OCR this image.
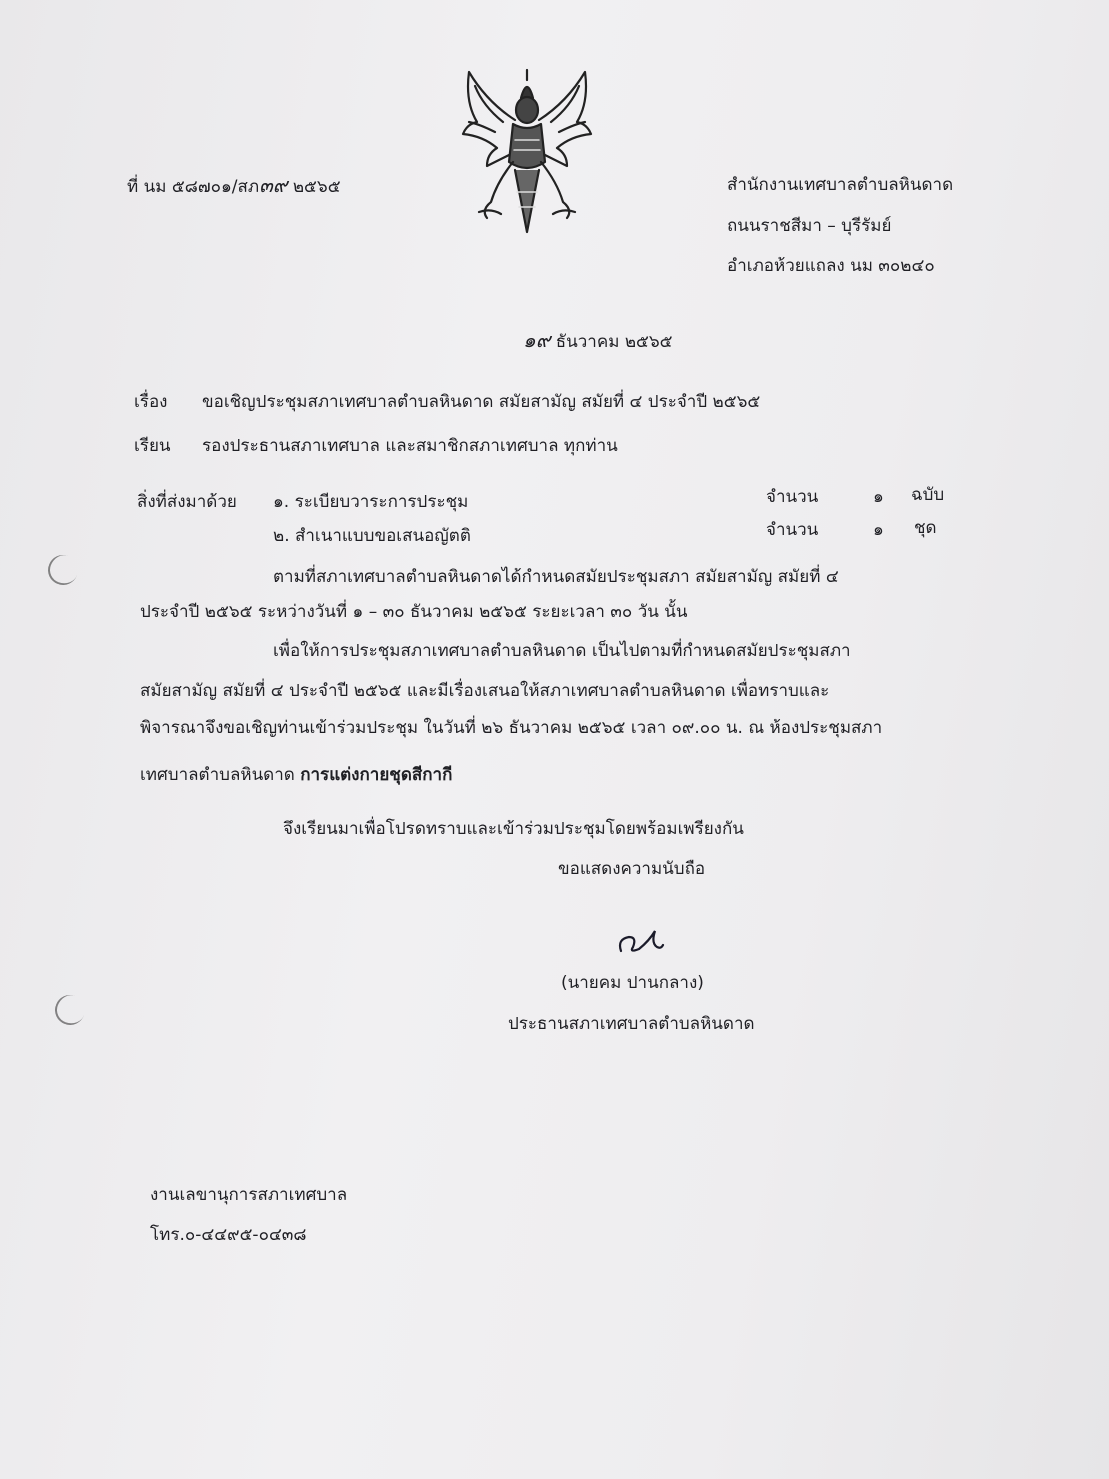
ที่ นม ๕๘๗๐๑/สภ๓๙ ๒๕๖๕	สำนักงานเทศบาลตำบลหินดาด
ถนนราชสีมา – บุรีรัมย์
อำเภอห้วยแถลง นม ๓๐๒๔๐
๑๙ ธันวาคม ๒๕๖๕
เรื่อง ขอเชิญประชุมสภาเทศบาลตำบลหินดาด สมัยสามัญ สมัยที่ ๔ ประจำปี ๒๕๖๕
เรียน รองประธานสภาเทศบาล และสมาชิกสภาเทศบาล ทุกท่าน
สิ่งที่ส่งมาด้วย ๑. ระเบียบวาระการประชุม	จำนวน	๑ ฉบับ
๒. สำเนาแบบขอเสนอญัตติ	จำนวน	๑ ชุด
ตามที่สภาเทศบาลตำบลหินดาดได้กำหนดสมัยประชุมสภา สมัยสามัญ สมัยที่ ๔
ประจำปี ๒๕๖๕ ระหว่างวันที่ ๑ – ๓๐ ธันวาคม ๒๕๖๕ ระยะเวลา ๓๐ วัน นั้น
เพื่อให้การประชุมสภาเทศบาลตำบลหินดาด เป็นไปตามที่กำหนดสมัยประชุมสภา
สมัยสามัญ สมัยที่ ๔ ประจำปี ๒๕๖๕ และมีเรื่องเสนอให้สภาเทศบาลตำบลหินดาด เพื่อทราบและ
พิจารณาจึงขอเชิญท่านเข้าร่วมประชุม ในวันที่ ๒๖ ธันวาคม ๒๕๖๕ เวลา ๐๙.๐๐ น. ณ ห้องประชุมสภา
เทศบาลตำบลหินดาด การแต่งกายชุดสีกากี
จึงเรียนมาเพื่อโปรดทราบและเข้าร่วมประชุมโดยพร้อมเพรียงกัน
ขอแสดงความนับถือ
(นายคม ปานกลาง)
ประธานสภาเทศบาลตำบลหินดาด
งานเลขานุการสภาเทศบาล
โทร.๐-๔๔๙๕-๐๔๓๘
